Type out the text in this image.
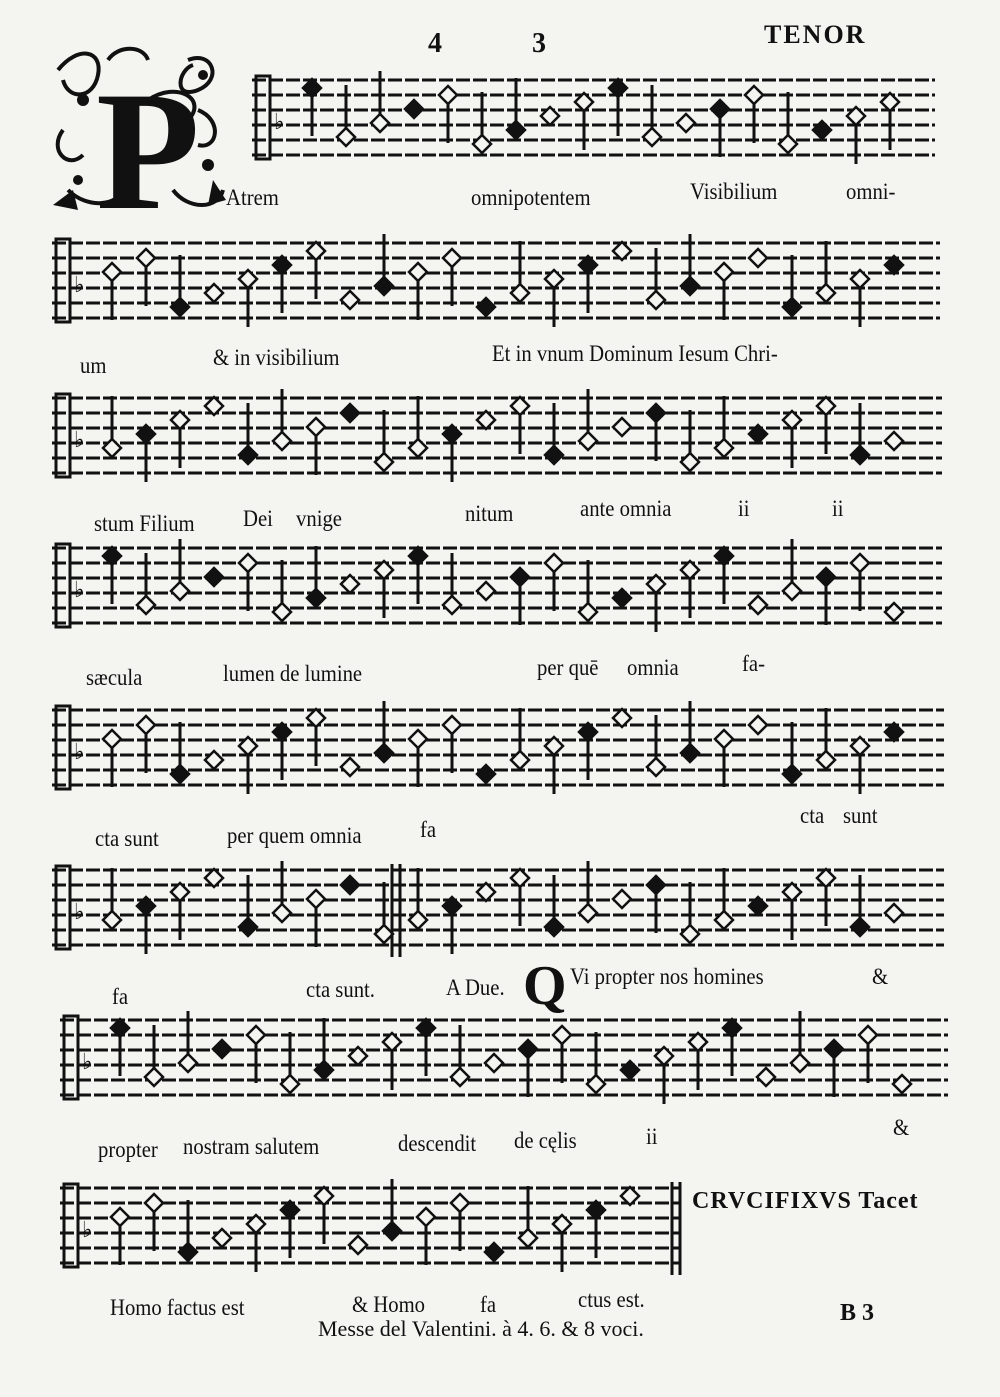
4	3	TENOR
P	♭
♭
♭
♭
♭
♭
♭
♭
Atrem	omnipotentem	Visibilium	omni-
um	& in visibilium	Et in vnum Dominum Iesum Chri-
stum Filium Dei vnige	nitum	ante omnia	ii	ii
sæcula	lumen de lumine	per quē omnia	fa-
cta sunt	per quem omnia	fa
cta sunt
fa	cta sunt.	A Due. Q Vi propter nos homines	&
propter nostram salutem	descendit de cęlis	ii	&
CRVCIFIXVS Tacet
Homo factus est	& Homo fa	ctus est.
Messe del Valentini. à 4. 6. & 8 voci.
B 3
